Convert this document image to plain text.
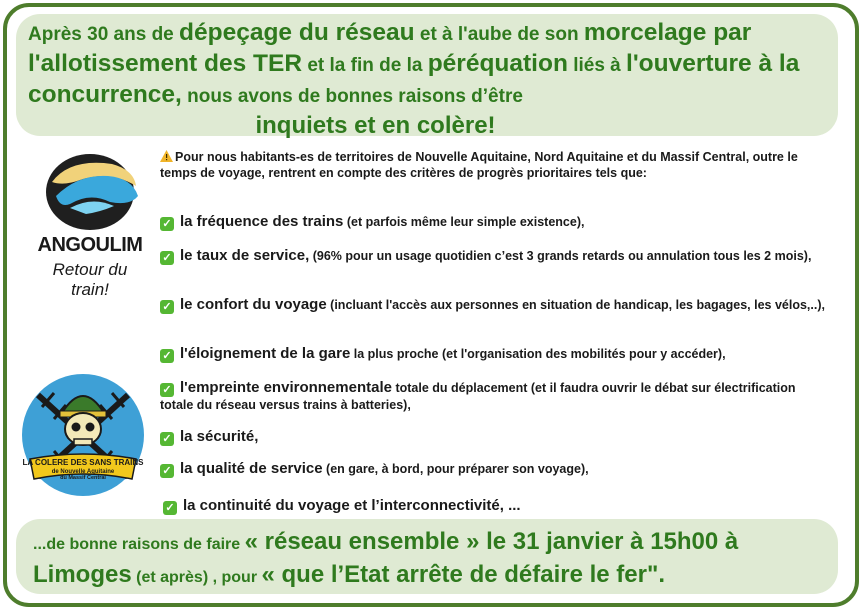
Après 30 ans de dépeçage du réseau et à l'aube de son morcelage par l'allotissement des TER et la fin de la péréquation liés à l'ouverture à la concurrence, nous avons de bonnes raisons d’être
inquiets et en colère!
ANGOULIM
Retour du
train!
LA COLERE DES SANS TRAINS
de Nouvelle Aquitaine
du Massif Central
Pour nous habitants-es de territoires de Nouvelle Aquitaine, Nord Aquitaine et du Massif Central, outre le temps de voyage, rentrent en compte des critères de progrès prioritaires tels que:
✓ la fréquence des trains (et parfois même leur simple existence),
✓ le taux de service, (96% pour un usage quotidien c’est 3 grands retards ou annulation tous les 2 mois),
✓ le confort du voyage (incluant l'accès aux personnes en situation de handicap, les bagages, les vélos,..),
✓ l'éloignement de la gare la plus proche (et l'organisation des mobilités pour y accéder),
✓ l'empreinte environnementale totale du déplacement (et il faudra ouvrir le débat sur électrification totale du réseau versus trains à batteries),
✓ la sécurité,
✓ la qualité de service (en gare, à bord, pour préparer son voyage),
✓ la continuité du voyage et l’interconnectivité, ...
...de bonne raisons de faire « réseau ensemble » le 31 janvier à 15h00 à Limoges (et après) , pour « que l’Etat arrête de défaire le fer".
